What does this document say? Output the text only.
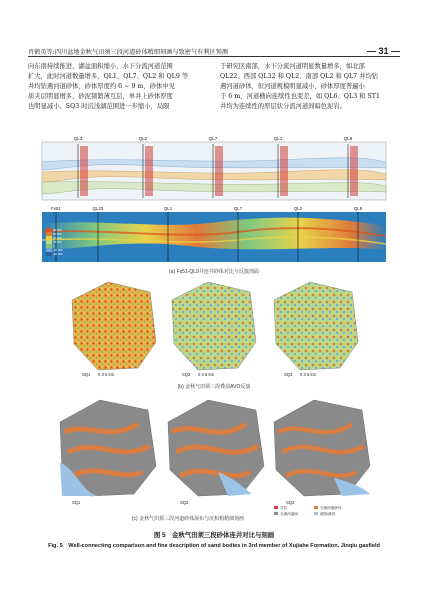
肖鹤英等:四川盆地金秋气田须三段河道砂体精细刻画与致密气有利区预测	— 31 —

向东南持续推进，湖盆面积缩小，水下分流河道范围

扩大，此时河道数量增多，QL1、QL7、QL2 和 QL9 等

井均钻遇河道砂体，砂体厚度约 6 ~ 9 m，砂体中见

质夹层明显增多，砂泥频繁薄互层，单井上砂体厚度

也明显减小。SQ3 时沉浅湖范围进一步缩小，局限

于研究区南部，水下分流河道明显数量增多，如北部

QL22、西部 QL32 和 QL2、南部 QL2 和 QL7 井均钻

遇河道砂体，但河道规模明显减小，砂体厚度普遍小

于 6 m，河道横向连续性也变差，如 QL6、QL3 和 ST1

井均为连续性的厚层状分流河道间暗色泥岩。

QL3	QL2	QL7	QL1	QL9
Fx51	QL23	QL1	QL7	QL2	QL9
80 000
60 000
40 000
20 000
0
-20 000
-40 000
(a) Fx51-QL9井连井砂体对比与反演剖面
SQ1	SQ2	SQ3
0 3 6 km	0 3 6 km	0 3 6 km
(b) 金秋气田须三段叠前AVO反演
SQ1	SQ2	SQ3
井位	分流河道砂体
分流河道间	湖泊/滩坝
(c) 金秋气田须三段河道砂体展布与沉积相精细刻画
图 5　金秋气田须三段砂体连井对比与刻画
Fig. 5　Well-connecting comparison and fine description of sand bodies in 3rd member of Xujiahe Formation, Jinqiu gasfield
